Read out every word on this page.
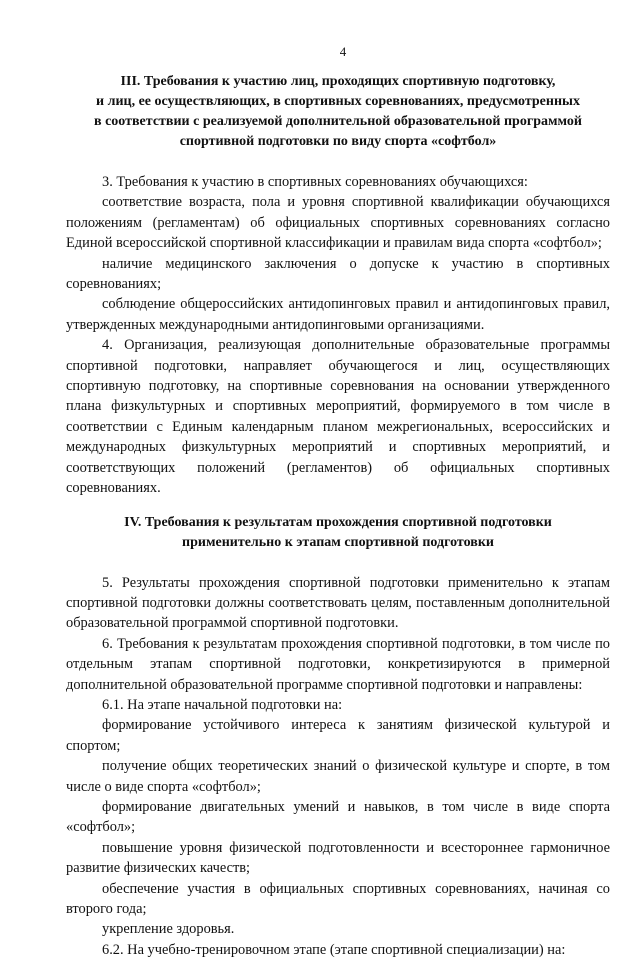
4
III. Требования к участию лиц, проходящих спортивную подготовку,
и лиц, ее осуществляющих, в спортивных соревнованиях, предусмотренных
в соответствии с реализуемой дополнительной образовательной программой
спортивной подготовки по виду спорта «софтбол»

3. Требования к участию в спортивных соревнованиях обучающихся:

соответствие возраста, пола и уровня спортивной квалификации обучающихся положениям (регламентам) об официальных спортивных соревнованиях согласно Единой всероссийской спортивной классификации и правилам вида спорта «софтбол»;

наличие медицинского заключения о допуске к участию в спортивных соревнованиях;

соблюдение общероссийских антидопинговых правил и антидопинговых правил, утвержденных международными антидопинговыми организациями.

4. Организация, реализующая дополнительные образовательные программы спортивной подготовки, направляет обучающегося и лиц, осуществляющих спортивную подготовку, на спортивные соревнования на основании утвержденного плана физкультурных и спортивных мероприятий, формируемого в том числе в соответствии с Единым календарным планом межрегиональных, всероссийских и международных физкультурных мероприятий и спортивных мероприятий, и соответствующих положений (регламентов) об официальных спортивных соревнованиях.

IV. Требования к результатам прохождения спортивной подготовки
применительно к этапам спортивной подготовки

5. Результаты прохождения спортивной подготовки применительно к этапам спортивной подготовки должны соответствовать целям, поставленным дополнительной образовательной программой спортивной подготовки.

6. Требования к результатам прохождения спортивной подготовки, в том числе по отдельным этапам спортивной подготовки, конкретизируются в примерной дополнительной образовательной программе спортивной подготовки и направлены:

6.1. На этапе начальной подготовки на:

формирование устойчивого интереса к занятиям физической культурой и спортом;

получение общих теоретических знаний о физической культуре и спорте, в том числе о виде спорта «софтбол»;

формирование двигательных умений и навыков, в том числе в виде спорта «софтбол»;

повышение уровня физической подготовленности и всестороннее гармоничное развитие физических качеств;

обеспечение участия в официальных спортивных соревнованиях, начиная со второго года;

укрепление здоровья.

6.2. На учебно-тренировочном этапе (этапе спортивной специализации) на:
